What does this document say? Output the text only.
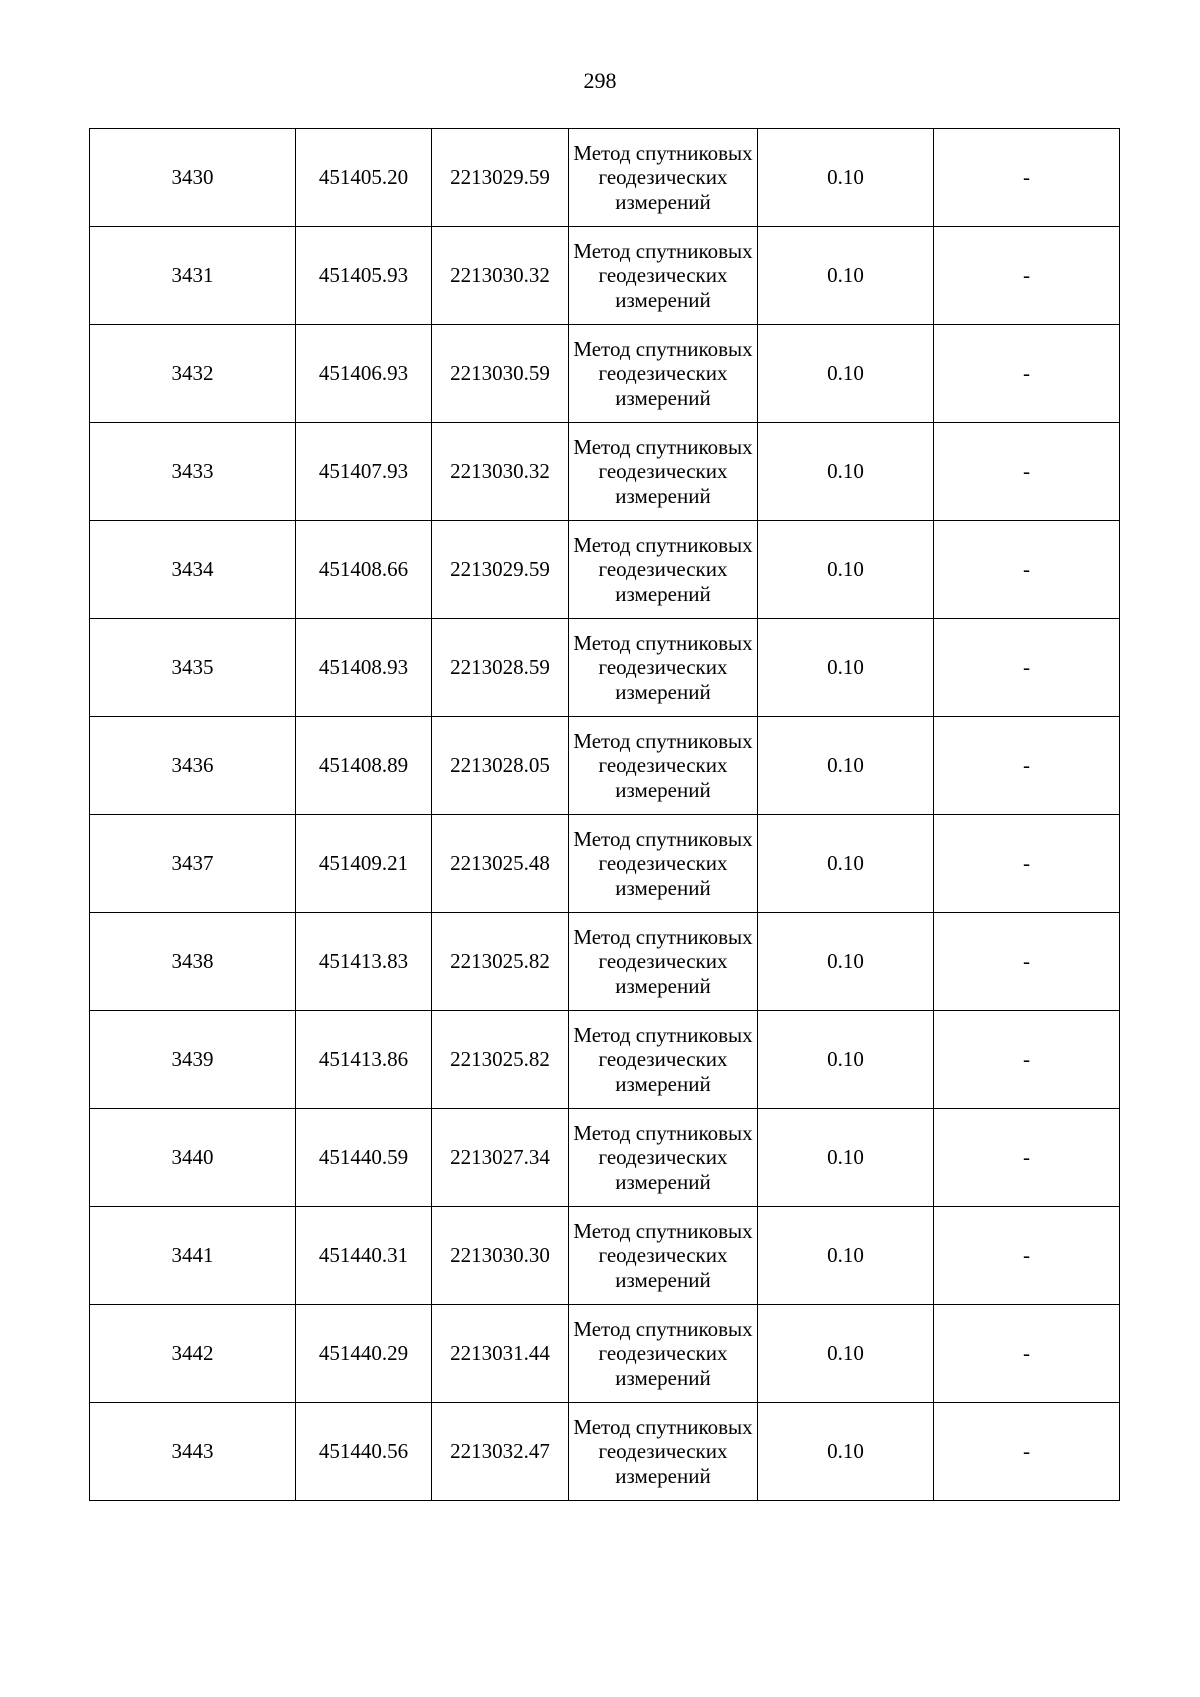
298
3430	451405.20	2213029.59	Метод спутниковых геодезических измерений	0.10	-
3431	451405.93	2213030.32	Метод спутниковых геодезических измерений	0.10	-
3432	451406.93	2213030.59	Метод спутниковых геодезических измерений	0.10	-
3433	451407.93	2213030.32	Метод спутниковых геодезических измерений	0.10	-
3434	451408.66	2213029.59	Метод спутниковых геодезических измерений	0.10	-
3435	451408.93	2213028.59	Метод спутниковых геодезических измерений	0.10	-
3436	451408.89	2213028.05	Метод спутниковых геодезических измерений	0.10	-
3437	451409.21	2213025.48	Метод спутниковых геодезических измерений	0.10	-
3438	451413.83	2213025.82	Метод спутниковых геодезических измерений	0.10	-
3439	451413.86	2213025.82	Метод спутниковых геодезических измерений	0.10	-
3440	451440.59	2213027.34	Метод спутниковых геодезических измерений	0.10	-
3441	451440.31	2213030.30	Метод спутниковых геодезических измерений	0.10	-
3442	451440.29	2213031.44	Метод спутниковых геодезических измерений	0.10	-
3443	451440.56	2213032.47	Метод спутниковых геодезических измерений	0.10	-
